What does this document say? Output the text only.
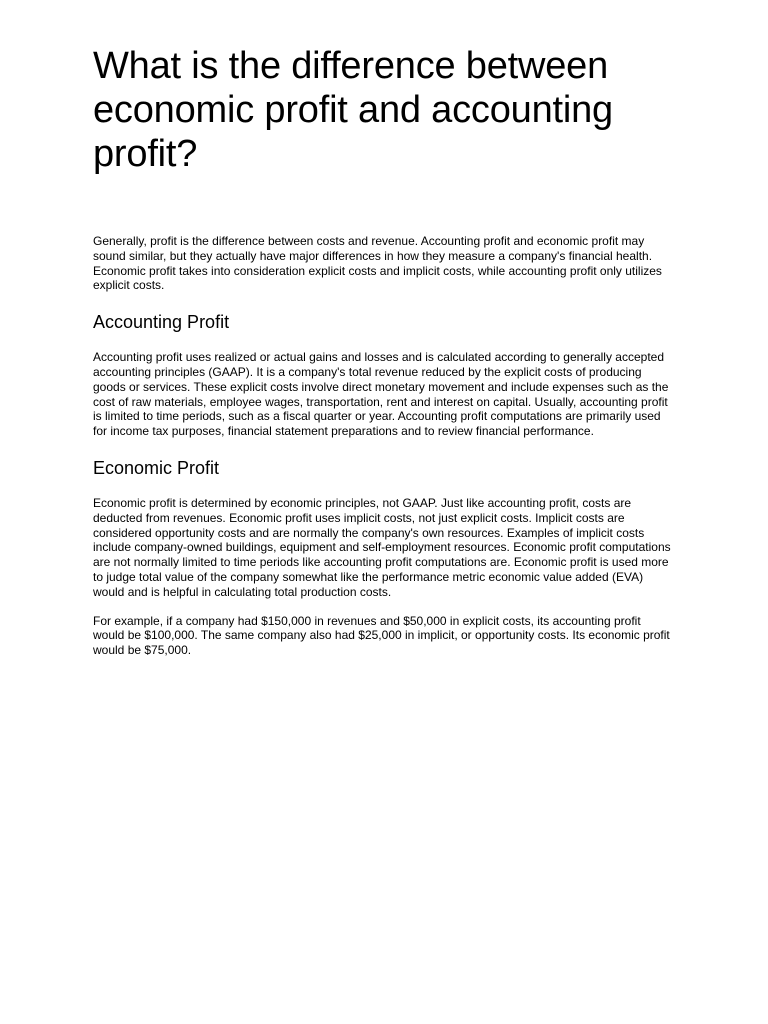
What is the difference between economic profit and accounting profit?

Generally, profit is the difference between costs and revenue. Accounting profit and economic profit may sound similar, but they actually have major differences in how they measure a company's financial health. Economic profit takes into consideration explicit costs and implicit costs, while accounting profit only utilizes explicit costs.

Accounting Profit

Accounting profit uses realized or actual gains and losses and is calculated according to generally accepted accounting principles (GAAP). It is a company's total revenue reduced by the explicit costs of producing goods or services. These explicit costs involve direct monetary movement and include expenses such as the cost of raw materials, employee wages, transportation, rent and interest on capital. Usually, accounting profit is limited to time periods, such as a fiscal quarter or year. Accounting profit computations are primarily used for income tax purposes, financial statement preparations and to review financial performance.

Economic Profit

Economic profit is determined by economic principles, not GAAP. Just like accounting profit, costs are deducted from revenues. Economic profit uses implicit costs, not just explicit costs. Implicit costs are considered opportunity costs and are normally the company's own resources. Examples of implicit costs include company-owned buildings, equipment and self-employment resources. Economic profit computations are not normally limited to time periods like accounting profit computations are. Economic profit is used more to judge total value of the company somewhat like the performance metric economic value added (EVA) would and is helpful in calculating total production costs.

For example, if a company had $150,000 in revenues and $50,000 in explicit costs, its accounting profit would be $100,000. The same company also had $25,000 in implicit, or opportunity costs. Its economic profit would be $75,000.
